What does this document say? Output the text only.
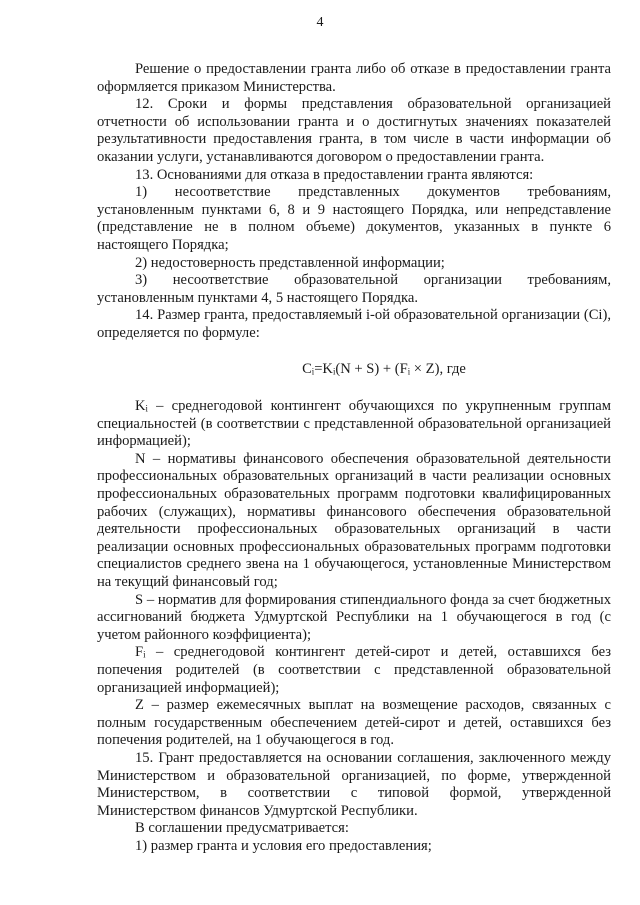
4

Решение о предоставлении гранта либо об отказе в предоставлении гранта оформляется приказом Министерства.

12. Сроки и формы представления образовательной организацией отчетности об использовании гранта и о достигнутых значениях показателей результативности предоставления гранта, в том числе в части информации об оказании услуги, устанавливаются договором о предоставлении гранта.

13. Основаниями для отказа в предоставлении гранта являются:

1) несоответствие представленных документов требованиям, установленным пунктами 6, 8 и 9 настоящего Порядка, или непредставление (представление не в полном объеме) документов, указанных в пункте 6 настоящего Порядка;

2) недостоверность представленной информации;

3) несоответствие образовательной организации требованиям, установленным пунктами 4, 5 настоящего Порядка.

14. Размер гранта, предоставляемый i-ой образовательной организации (Ci), определяется по формуле:

Cᵢ=Kᵢ(N + S) + (Fᵢ × Z), где

Kᵢ – среднегодовой контингент обучающихся по укрупненным группам специальностей (в соответствии с представленной образовательной организацией информацией);

N – нормативы финансового обеспечения образовательной деятельности профессиональных образовательных организаций в части реализации основных профессиональных образовательных программ подготовки квалифицированных рабочих (служащих), нормативы финансового обеспечения образовательной деятельности профессиональных образовательных организаций в части реализации основных профессиональных образовательных программ подготовки специалистов среднего звена на 1 обучающегося, установленные Министерством на текущий финансовый год;

S – норматив для формирования стипендиального фонда за счет бюджетных ассигнований бюджета Удмуртской Республики на 1 обучающегося в год (с учетом районного коэффициента);

Fᵢ – среднегодовой контингент детей-сирот и детей, оставшихся без попечения родителей (в соответствии с представленной образовательной организацией информацией);

Z – размер ежемесячных выплат на возмещение расходов, связанных с полным государственным обеспечением детей-сирот и детей, оставшихся без попечения родителей, на 1 обучающегося в год.

15. Грант предоставляется на основании соглашения, заключенного между Министерством и образовательной организацией, по форме, утвержденной Министерством, в соответствии с типовой формой, утвержденной Министерством финансов Удмуртской Республики.

В соглашении предусматривается:

1) размер гранта и условия его предоставления;
